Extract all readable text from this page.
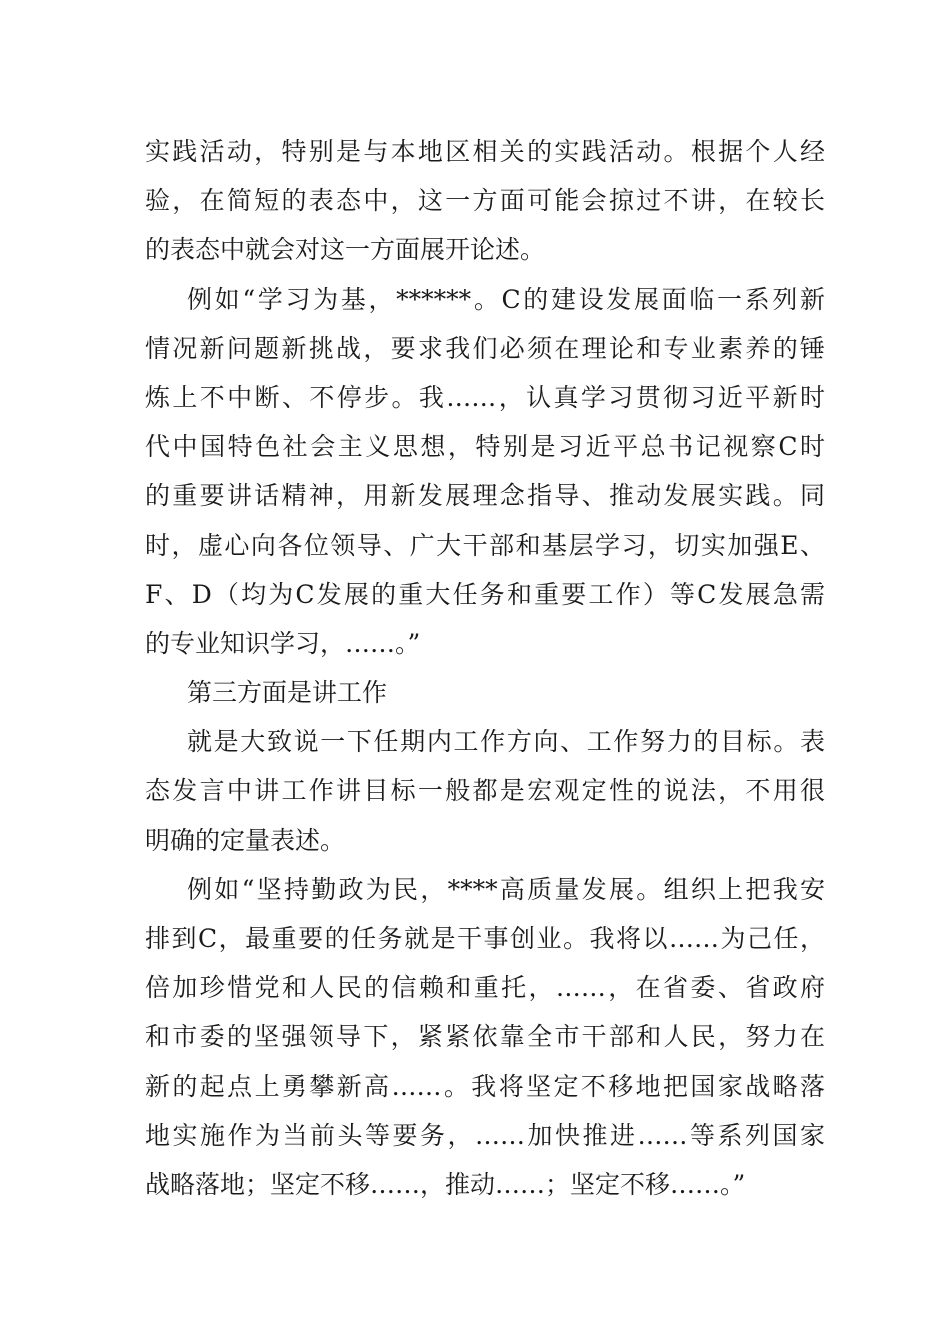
实践活动，特别是与本地区相关的实践活动。根据个人经
验，在简短的表态中，这一方面可能会掠过不讲，在较长
的表态中就会对这一方面展开论述。
例如“学习为基，******。C的建设发展面临一系列新
情况新问题新挑战，要求我们必须在理论和专业素养的锤
炼上不中断、不停步。我……，认真学习贯彻习近平新时
代中国特色社会主义思想，特别是习近平总书记视察C时
的重要讲话精神，用新发展理念指导、推动发展实践。同
时，虚心向各位领导、广大干部和基层学习，切实加强E、
F、D（均为C发展的重大任务和重要工作）等C发展急需
的专业知识学习，……。”
第三方面是讲工作
就是大致说一下任期内工作方向、工作努力的目标。表
态发言中讲工作讲目标一般都是宏观定性的说法，不用很
明确的定量表述。
例如“坚持勤政为民，****高质量发展。组织上把我安
排到C，最重要的任务就是干事创业。我将以……为己任，
倍加珍惜党和人民的信赖和重托，……，在省委、省政府
和市委的坚强领导下，紧紧依靠全市干部和人民，努力在
新的起点上勇攀新高……。我将坚定不移地把国家战略落
地实施作为当前头等要务，……加快推进……等系列国家
战略落地；坚定不移……，推动……；坚定不移……。”
